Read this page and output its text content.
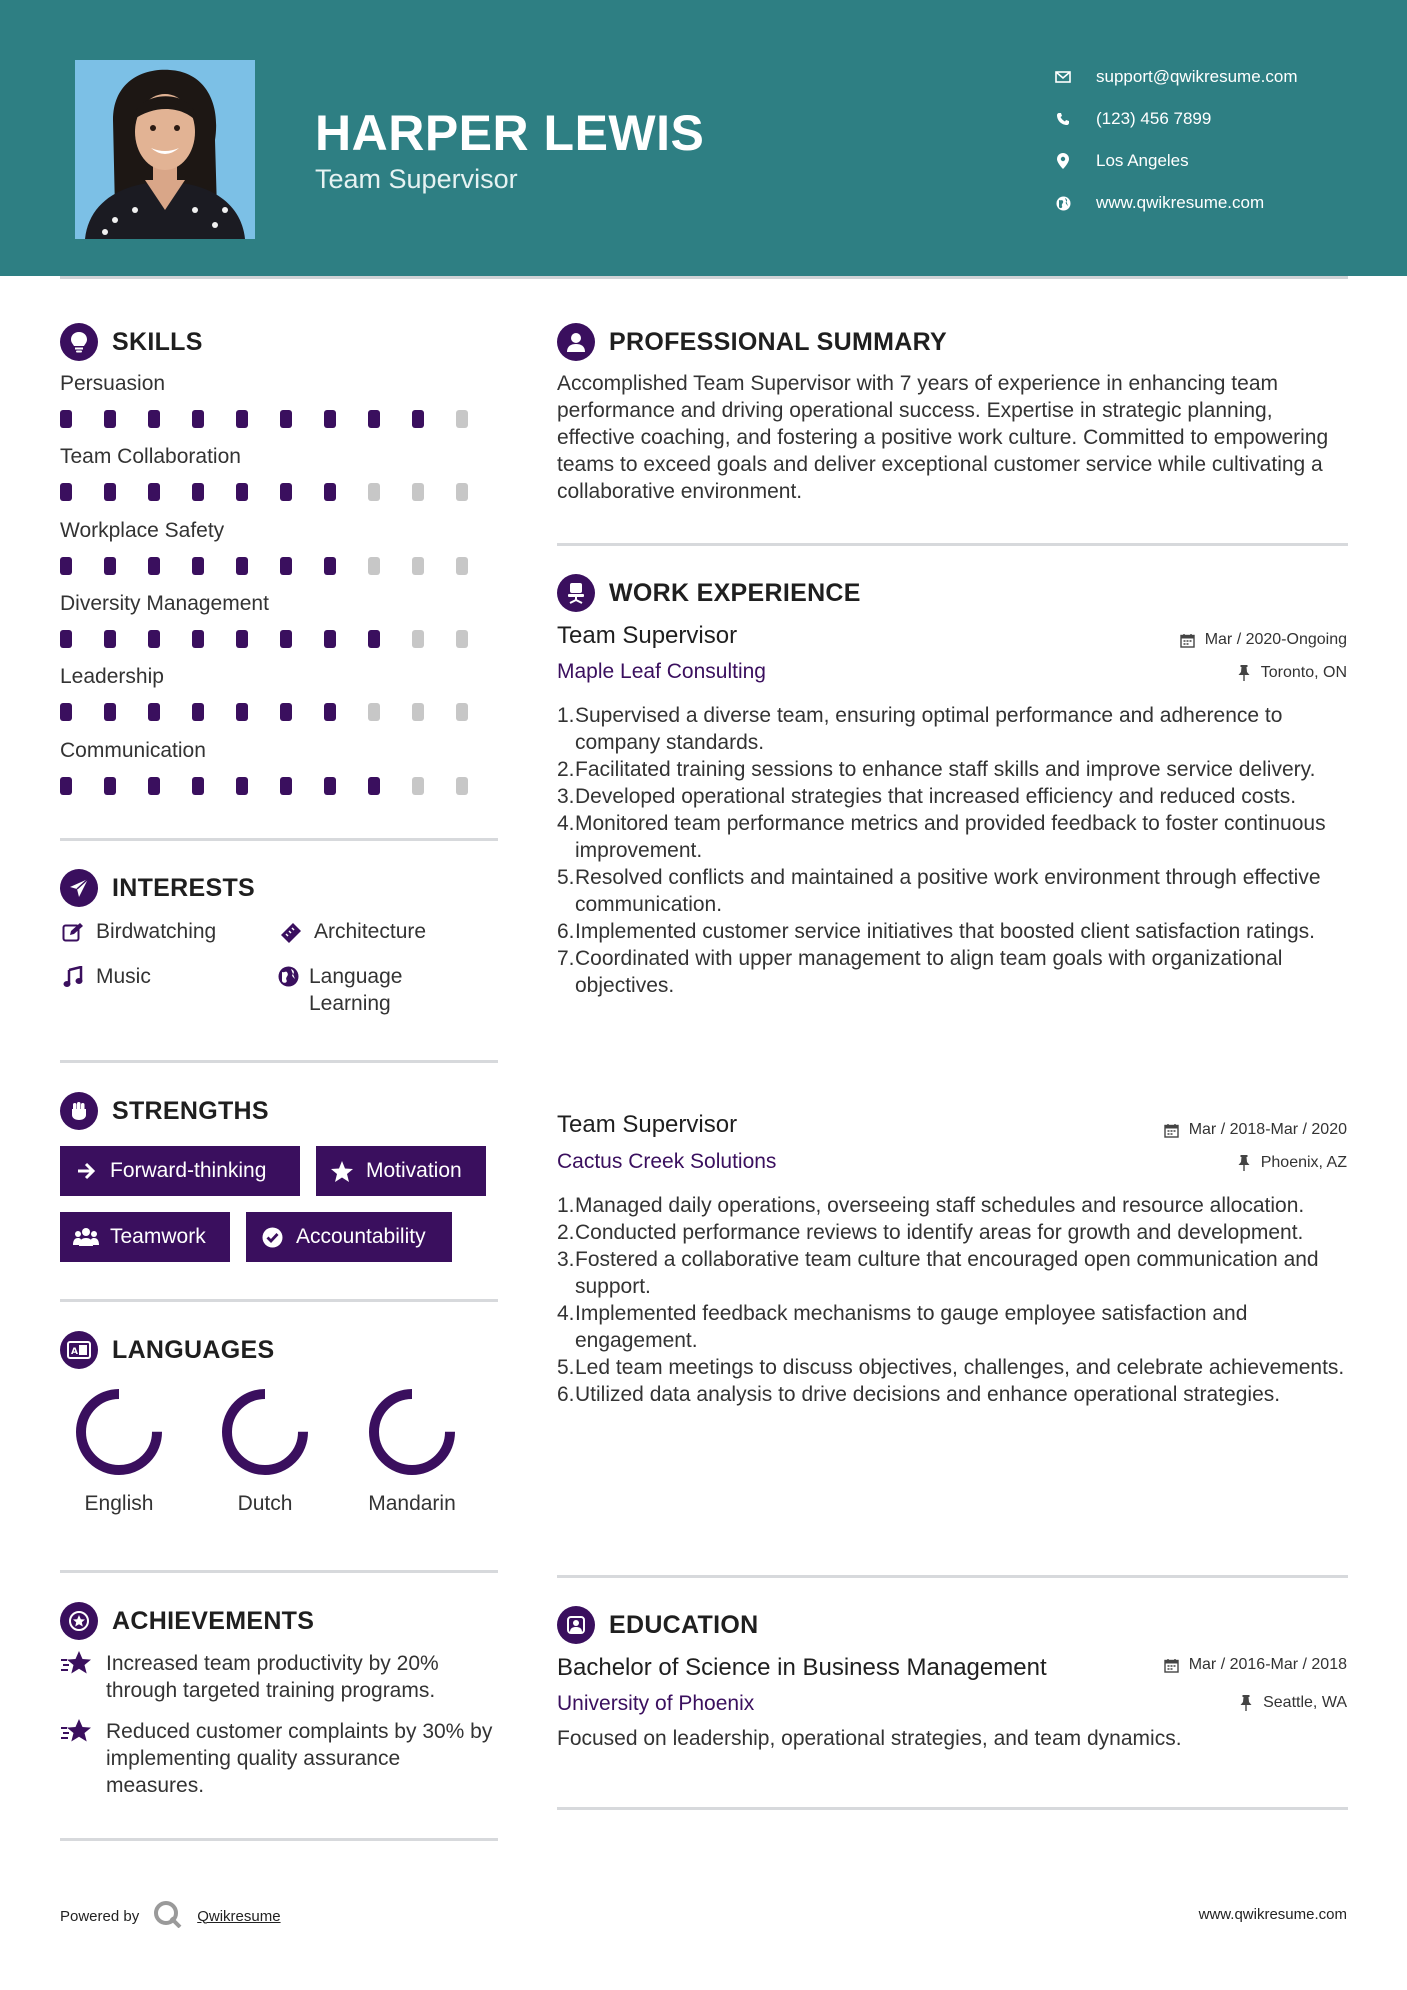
HARPER LEWIS
Team Supervisor
support@qwikresume.com
(123) 456 7899
Los Angeles
www.qwikresume.com
SKILLS
Persuasion
Team Collaboration
Workplace Safety
Diversity Management
Leadership
Communication
INTERESTS
Birdwatching	Architecture
Music	Language Learning
STRENGTHS
Forward-thinking	Motivation
Teamwork	Accountability
A LANGUAGES
English	Dutch	Mandarin
ACHIEVEMENTS
Increased team productivity by 20% through targeted training programs.
Reduced customer complaints by 30% by implementing quality assurance measures.
PROFESSIONAL SUMMARY
Accomplished Team Supervisor with 7 years of experience in enhancing team performance and driving operational success. Expertise in strategic planning, effective coaching, and fostering a positive work culture. Committed to empowering teams to exceed goals and deliver exceptional customer service while cultivating a collaborative environment.
WORK EXPERIENCE
Team Supervisor	Mar / 2020-Ongoing
Maple Leaf Consulting	Toronto, ON
1. Supervised a diverse team, ensuring optimal performance and adherence to company standards.
2. Facilitated training sessions to enhance staff skills and improve service delivery.
3. Developed operational strategies that increased efficiency and reduced costs.
4. Monitored team performance metrics and provided feedback to foster continuous improvement.
5. Resolved conflicts and maintained a positive work environment through effective communication.
6. Implemented customer service initiatives that boosted client satisfaction ratings.
7. Coordinated with upper management to align team goals with organizational objectives.
Team Supervisor	Mar / 2018-Mar / 2020
Cactus Creek Solutions	Phoenix, AZ
1. Managed daily operations, overseeing staff schedules and resource allocation.
2. Conducted performance reviews to identify areas for growth and development.
3. Fostered a collaborative team culture that encouraged open communication and support.
4. Implemented feedback mechanisms to gauge employee satisfaction and engagement.
5. Led team meetings to discuss objectives, challenges, and celebrate achievements.
6. Utilized data analysis to drive decisions and enhance operational strategies.
EDUCATION
Bachelor of Science in Business Management	Mar / 2016-Mar / 2018
University of Phoenix	Seattle, WA
Focused on leadership, operational strategies, and team dynamics.
Powered by	Qwikresume	www.qwikresume.com
